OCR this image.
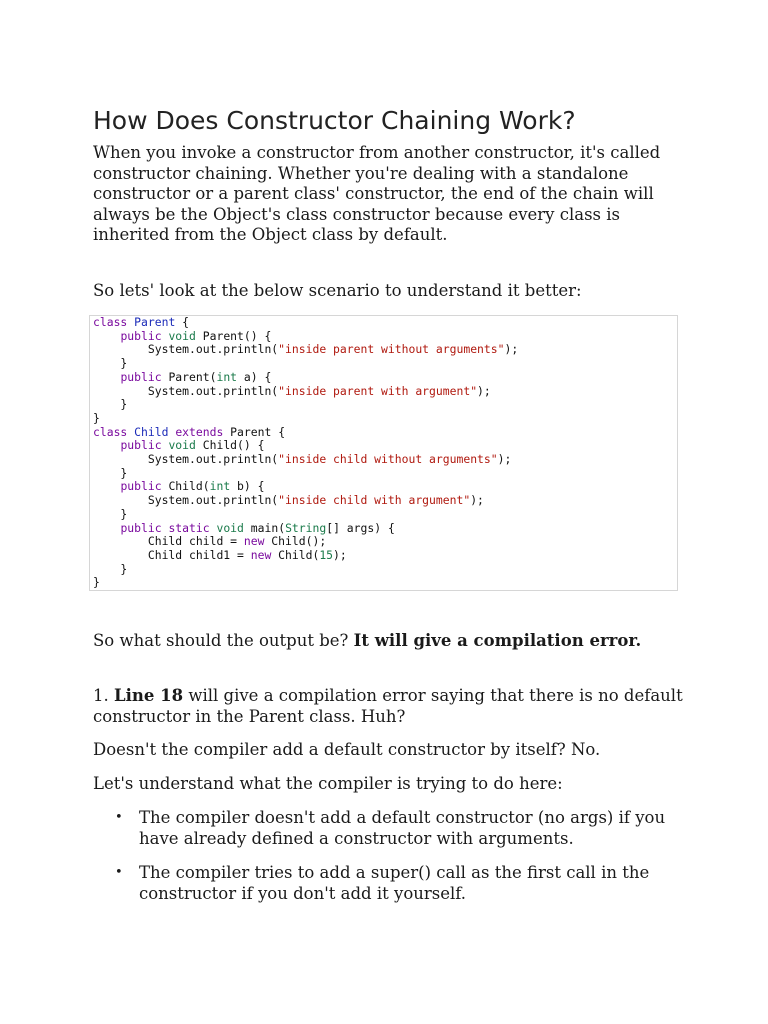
How Does Constructor Chaining Work?

When you invoke a constructor from another constructor, it's called constructor chaining. Whether you're dealing with a standalone constructor or a parent class' constructor, the end of the chain will always be the Object's class constructor because every class is inherited from the Object class by default.

So lets' look at the below scenario to understand it better:

class Parent {
public void Parent() {
System.out.println("inside parent without arguments");
}
public Parent(int a) {
System.out.println("inside parent with argument");
}
}
class Child extends Parent {
public void Child() {
System.out.println("inside child without arguments");
}
public Child(int b) {
System.out.println("inside child with argument");
}
public static void main(String[] args) {
Child child = new Child();
Child child1 = new Child(15);
}
}

So what should the output be? It will give a compilation error.

1. Line 18 will give a compilation error saying that there is no default constructor in the Parent class. Huh?

Doesn't the compiler add a default constructor by itself? No.

Let's understand what the compiler is trying to do here:

• The compiler doesn't add a default constructor (no args) if you have already defined a constructor with arguments.
• The compiler tries to add a super() call as the first call in the constructor if you don't add it yourself.
